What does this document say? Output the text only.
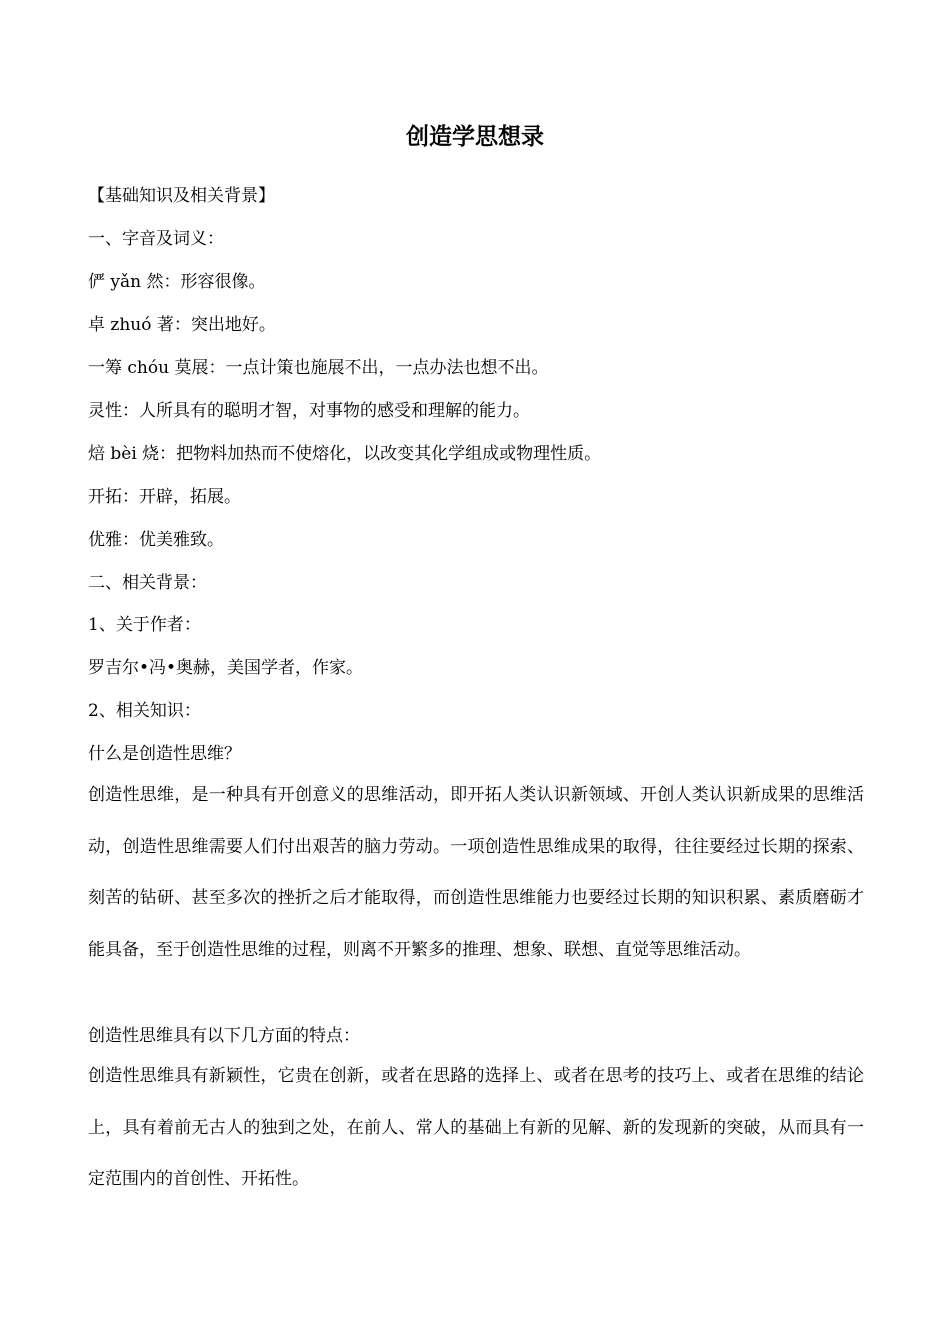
创造学思想录
【基础知识及相关背景】
一、字音及词义：
俨 yǎn 然：形容很像。
卓 zhuó 著：突出地好。
一筹 chóu 莫展：一点计策也施展不出，一点办法也想不出。
灵性：人所具有的聪明才智，对事物的感受和理解的能力。
焙 bèi 烧：把物料加热而不使熔化，以改变其化学组成或物理性质。
开拓：开辟，拓展。
优雅：优美雅致。
二、相关背景：
1、关于作者：
罗吉尔•冯•奥赫，美国学者，作家。
2、相关知识：
什么是创造性思维？
创造性思维，是一种具有开创意义的思维活动，即开拓人类认识新领域、开创人类认识新成果的思维活动，创造性思维需要人们付出艰苦的脑力劳动。一项创造性思维成果的取得，往往要经过长期的探索、刻苦的钻研、甚至多次的挫折之后才能取得，而创造性思维能力也要经过长期的知识积累、素质磨砺才能具备，至于创造性思维的过程，则离不开繁多的推理、想象、联想、直觉等思维活动。
创造性思维具有以下几方面的特点：
创造性思维具有新颖性，它贵在创新，或者在思路的选择上、或者在思考的技巧上、或者在思维的结论上，具有着前无古人的独到之处，在前人、常人的基础上有新的见解、新的发现新的突破，从而具有一定范围内的首创性、开拓性。
